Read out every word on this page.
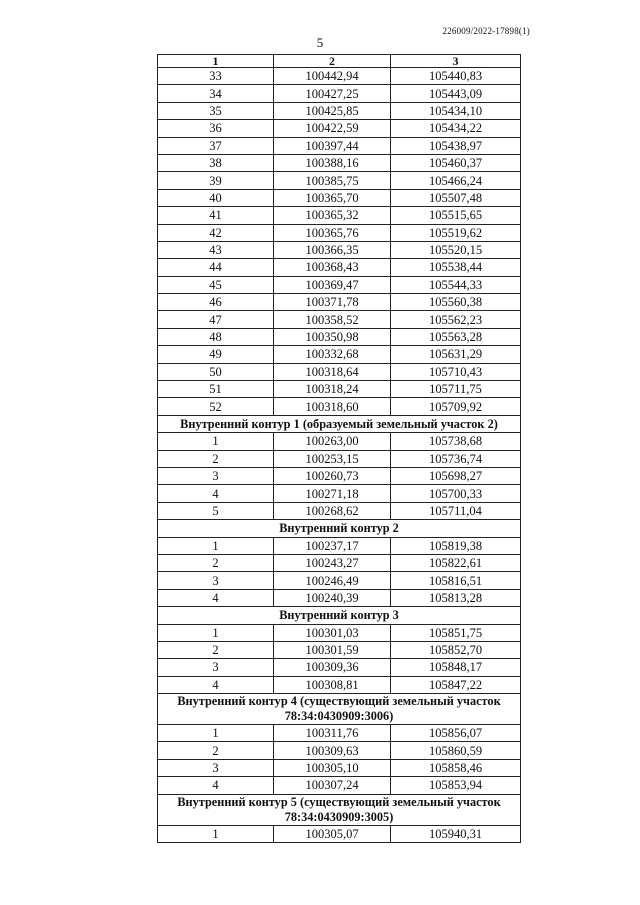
226009/2022-17898(1)
5
1	2	3
33	100442,94	105440,83
34	100427,25	105443,09
35	100425,85	105434,10
36	100422,59	105434,22
37	100397,44	105438,97
38	100388,16	105460,37
39	100385,75	105466,24
40	100365,70	105507,48
41	100365,32	105515,65
42	100365,76	105519,62
43	100366,35	105520,15
44	100368,43	105538,44
45	100369,47	105544,33
46	100371,78	105560,38
47	100358,52	105562,23
48	100350,98	105563,28
49	100332,68	105631,29
50	100318,64	105710,43
51	100318,24	105711,75
52	100318,60	105709,92
Внутренний контур 1 (образуемый земельный участок 2)		
1	100263,00	105738,68
2	100253,15	105736,74
3	100260,73	105698,27
4	100271,18	105700,33
5	100268,62	105711,04
Внутренний контур 2		
1	100237,17	105819,38
2	100243,27	105822,61
3	100246,49	105816,51
4	100240,39	105813,28
Внутренний контур 3		
1	100301,03	105851,75
2	100301,59	105852,70
3	100309,36	105848,17
4	100308,81	105847,22
Внутренний контур 4 (существующий земельный участок 78:34:0430909:3006)		
1	100311,76	105856,07
2	100309,63	105860,59
3	100305,10	105858,46
4	100307,24	105853,94
Внутренний контур 5 (существующий земельный участок 78:34:0430909:3005)		
1	100305,07	105940,31
